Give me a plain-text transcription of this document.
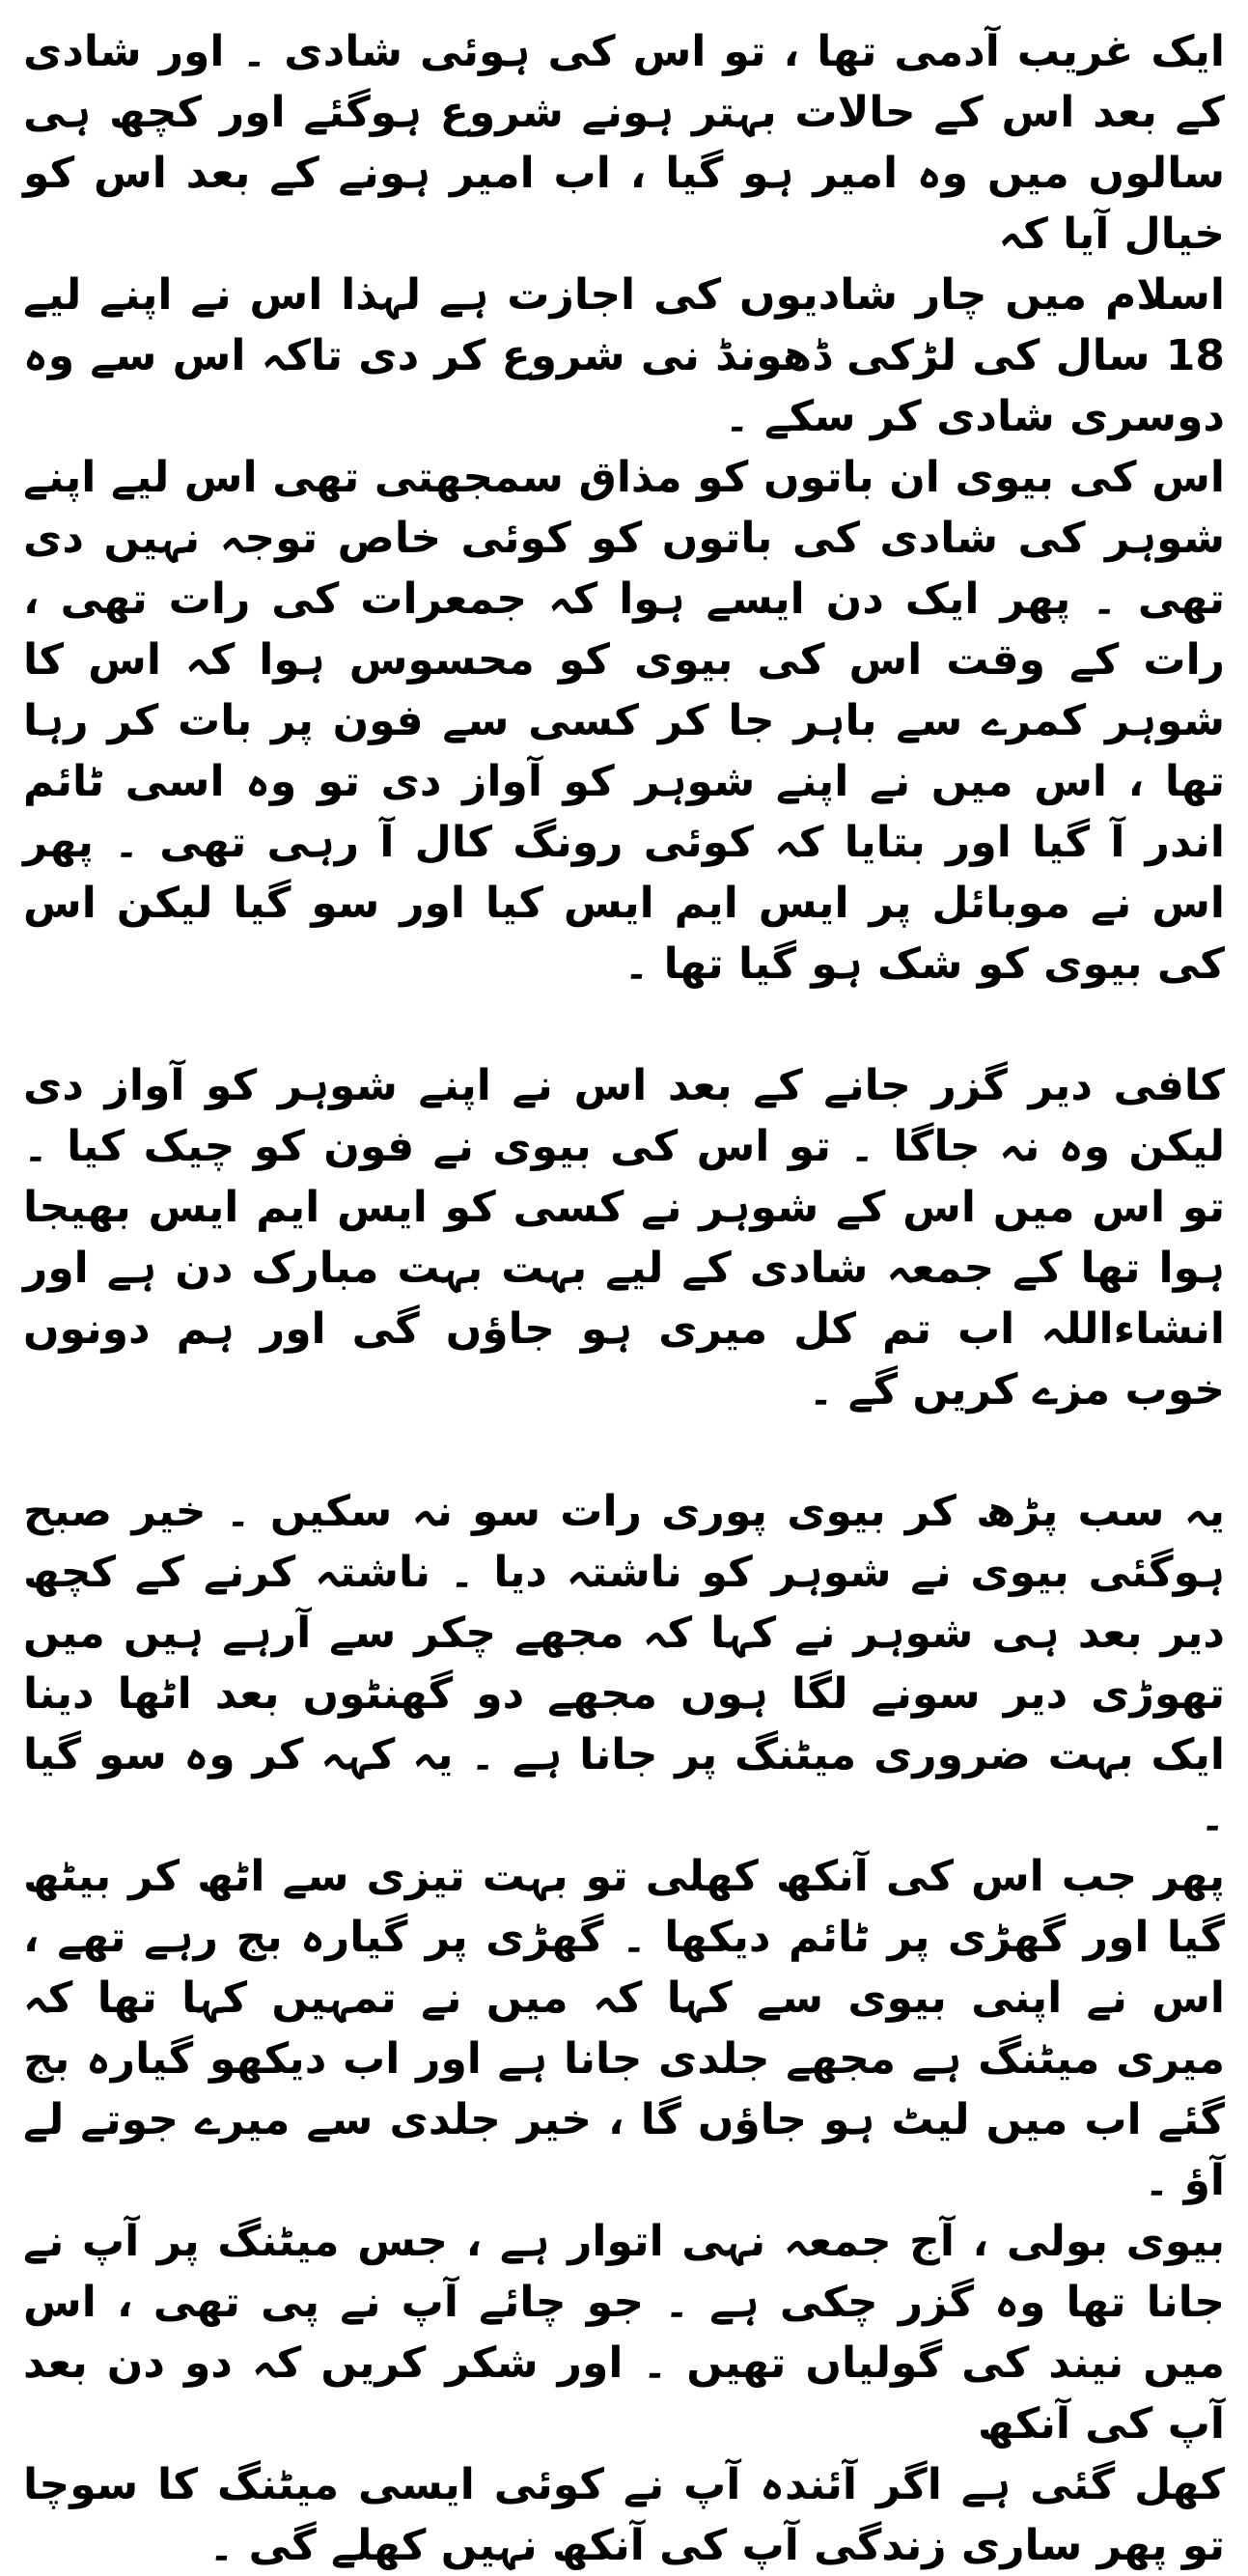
ایک غریب آدمی تھا ، تو اس کی ہوئی شادی ۔ اور شادی کے بعد اس کے حالات بہتر ہونے شروع ہوگئے اور کچھ ہی سالوں میں وہ امیر ہو گیا ، اب امیر ہونے کے بعد اس کو خیال آیا کہ

اسلام میں چار شادیوں کی اجازت ہے لہذا اس نے اپنے لیے 18 سال کی لڑکی ڈھونڈ نی شروع کر دی تاکہ اس سے وہ دوسری شادی کر سکے ۔

اس کی بیوی ان باتوں کو مذاق سمجھتی تھی اس لیے اپنے شوہر کی شادی کی باتوں کو کوئی خاص توجہ نہیں دی تھی ۔ پھر ایک دن ایسے ہوا کہ جمعرات کی رات تھی ، رات کے وقت اس کی بیوی کو محسوس ہوا کہ اس کا شوہر کمرے سے باہر جا کر کسی سے فون پر بات کر رہا تھا ، اس میں نے اپنے شوہر کو آواز دی تو وہ اسی ٹائم اندر آ گیا اور بتایا کہ کوئی رونگ کال آ رہی تھی ۔ پھر اس نے موبائل پر ایس ایم ایس کیا اور سو گیا لیکن اس کی بیوی کو شک ہو گیا تھا ۔

کافی دیر گزر جانے کے بعد اس نے اپنے شوہر کو آواز دی لیکن وہ نہ جاگا ۔ تو اس کی بیوی نے فون کو چیک کیا ۔ تو اس میں اس کے شوہر نے کسی کو ایس ایم ایس بھیجا ہوا تھا کے جمعہ شادی کے لیے بہت بہت مبارک دن ہے اور انشاءاللہ اب تم کل میری ہو جاؤں گی اور ہم دونوں خوب مزے کریں گے ۔

یہ سب پڑھ کر بیوی پوری رات سو نہ سکیں ۔ خیر صبح ہوگئی بیوی نے شوہر کو ناشتہ دیا ۔ ناشتہ کرنے کے کچھ دیر بعد ہی شوہر نے کہا کہ مجھے چکر سے آرہے ہیں میں تھوڑی دیر سونے لگا ہوں مجھے دو گھنٹوں بعد اٹھا دینا ایک بہت ضروری میٹنگ پر جانا ہے ۔ یہ کہہ کر وہ سو گیا ۔

پھر جب اس کی آنکھ کھلی تو بہت تیزی سے اٹھ کر بیٹھ گیا اور گھڑی پر ٹائم دیکھا ۔ گھڑی پر گیارہ بج رہے تھے ، اس نے اپنی بیوی سے کہا کہ میں نے تمہیں کہا تھا کہ میری میٹنگ ہے مجھے جلدی جانا ہے اور اب دیکھو گیارہ بج گئے اب میں لیٹ ہو جاؤں گا ، خیر جلدی سے میرے جوتے لے آؤ ۔

بیوی بولی ، آج جمعہ نہی اتوار ہے ، جس میٹنگ پر آپ نے جانا تھا وہ گزر چکی ہے ۔ جو چائے آپ نے پی تھی ، اس میں نیند کی گولیاں تھیں ۔ اور شکر کریں کہ دو دن بعد آپ کی آنکھ

کھل گئی ہے اگر آئندہ آپ نے کوئی ایسی میٹنگ کا سوچا تو پھر ساری زندگی آپ کی آنکھ نہیں کھلے گی ۔
